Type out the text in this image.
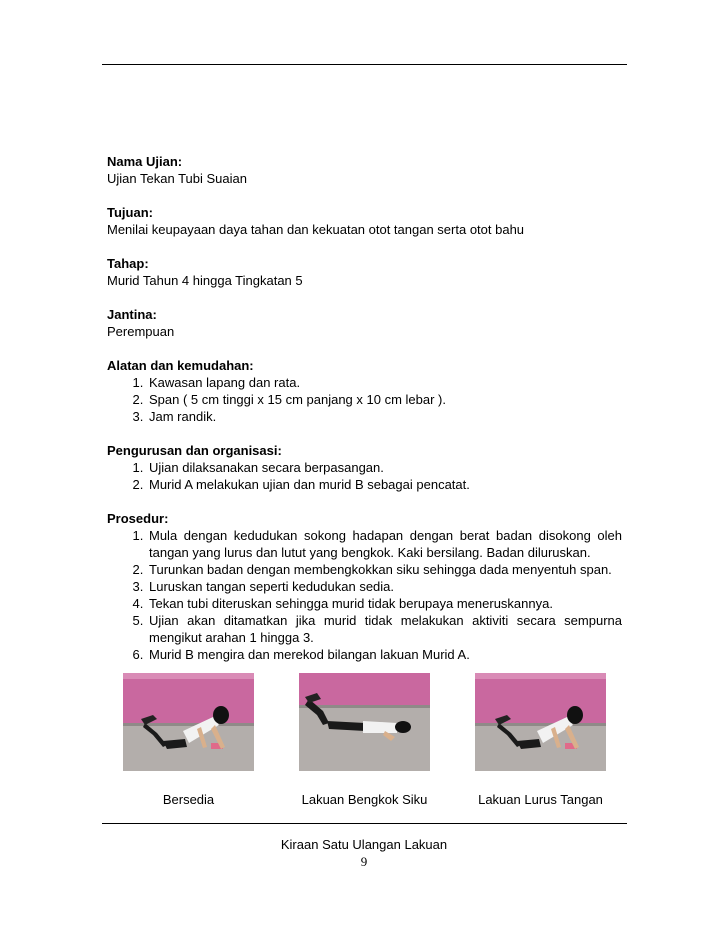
Nama Ujian:
Ujian Tekan Tubi Suaian
Tujuan:
Menilai keupayaan daya tahan dan kekuatan otot tangan serta otot bahu
Tahap:
Murid Tahun 4 hingga Tingkatan 5
Jantina:
Perempuan
Alatan dan kemudahan:
1. Kawasan lapang dan rata.
2. Span ( 5 cm tinggi x 15 cm panjang x 10 cm lebar ).
3. Jam randik.
Pengurusan dan organisasi:
1. Ujian dilaksanakan secara berpasangan.
2. Murid A melakukan ujian dan murid B sebagai pencatat.
Prosedur:
1. Mula dengan kedudukan sokong hadapan dengan berat badan disokong oleh tangan yang lurus dan lutut yang bengkok. Kaki bersilang. Badan diluruskan.
2. Turunkan badan dengan membengkokkan siku sehingga dada menyentuh span.
3. Luruskan tangan seperti kedudukan sedia.
4. Tekan tubi diteruskan sehingga murid tidak berupaya meneruskannya.
5. Ujian akan ditamatkan jika murid tidak melakukan aktiviti secara sempurna mengikut arahan 1 hingga 3.
6. Murid B mengira dan merekod bilangan lakuan Murid A.
Bersedia	Lakuan Bengkok Siku	Lakuan Lurus Tangan
Kiraan Satu Ulangan Lakuan
9
